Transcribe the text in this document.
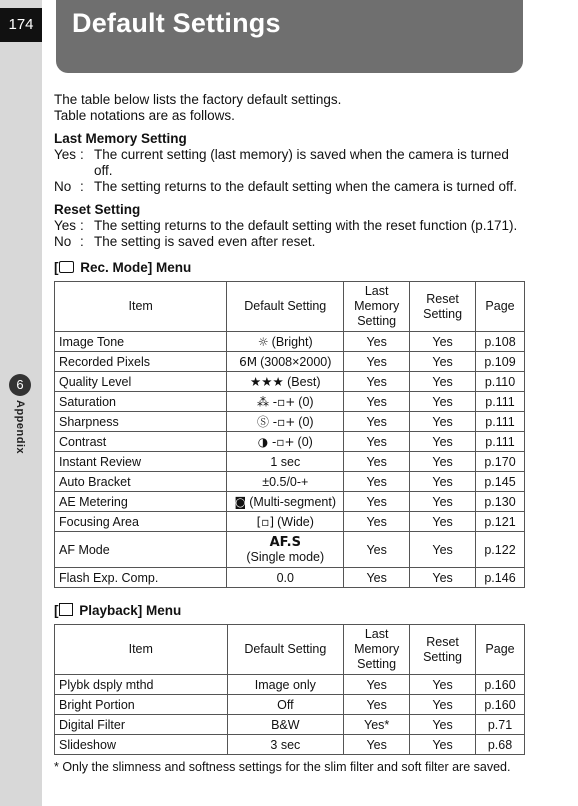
174	Default Settings
6
Appendix

The table below lists the factory default settings.

Table notations are as follows.

Last Memory Setting

Yes : The current setting (last memory) is saved when the camera is turned off.
No : The setting returns to the default setting when the camera is turned off.

Reset Setting

Yes : The setting returns to the default setting with the reset function (p.171).
No : The setting is saved even after reset.
[ Rec. Mode] Menu
Item	Default Setting	Last Memory Setting	Reset Setting	Page
Image Tone	☼ (Bright)	Yes	Yes	p.108
Recorded Pixels	6M (3008×2000)	Yes	Yes	p.109
Quality Level	★★★ (Best)	Yes	Yes	p.110
Saturation	⁂ -▫+ (0)	Yes	Yes	p.111
Sharpness	Ⓢ -▫+ (0)	Yes	Yes	p.111
Contrast	◑ -▫+ (0)	Yes	Yes	p.111
Instant Review	1 sec	Yes	Yes	p.170
Auto Bracket	±0.5/0-+	Yes	Yes	p.145
AE Metering	◙ (Multi-segment)	Yes	Yes	p.130
Focusing Area	[▫] (Wide)	Yes	Yes	p.121
AF Mode	AF.S
(Single mode)	Yes	Yes	p.122
Flash Exp. Comp.	0.0	Yes	Yes	p.146
[ Playback] Menu
Item	Default Setting	Last Memory Setting	Reset Setting	Page
Plybk dsply mthd	Image only	Yes	Yes	p.160
Bright Portion	Off	Yes	Yes	p.160
Digital Filter	B&W	Yes*	Yes	p.71
Slideshow	3 sec	Yes	Yes	p.68
* Only the slimness and softness settings for the slim filter and soft filter are saved.
